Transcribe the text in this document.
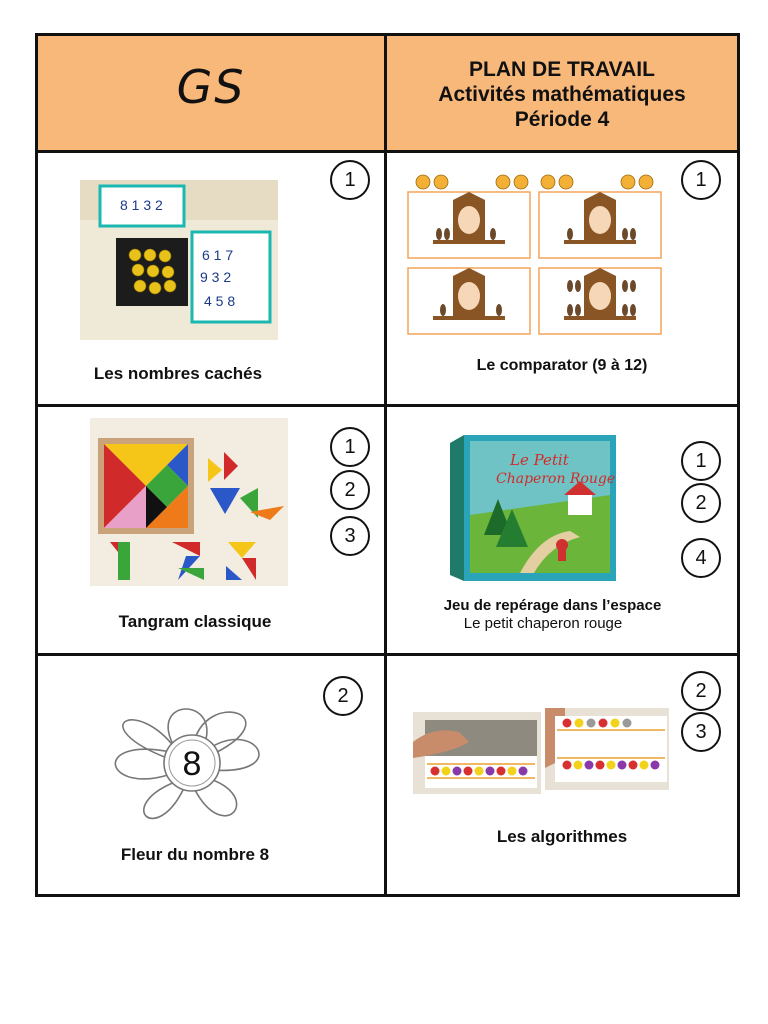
GS	PLAN DE TRAVAIL
Activités mathématiques
Période 4
8 1 3 2
6 1 7
9 3 2
4 5 8
1
Les nombres cachés
1
Le comparator (9 à 12)
1
2
3
Tangram classique
Le Petit
Chaperon Rouge
1
2
4
Jeu de repérage dans l’espace
Le petit chaperon rouge
8
2
Fleur du nombre 8
2
3
Les algorithmes
